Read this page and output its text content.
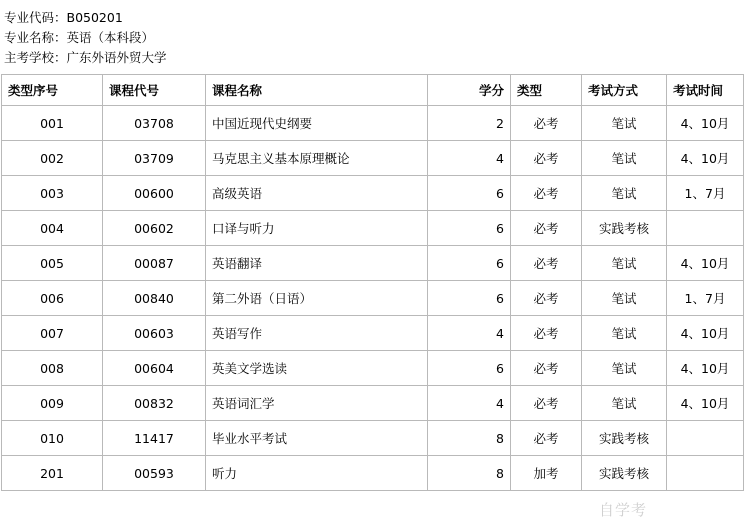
专业代码：B050201
专业名称：英语（本科段）
主考学校：广东外语外贸大学
类型序号	课程代号	课程名称	学分	类型	考试方式	考试时间
001	03708	中国近现代史纲要	2	必考	笔试	4、10月
002	03709	马克思主义基本原理概论	4	必考	笔试	4、10月
003	00600	高级英语	6	必考	笔试	1、7月
004	00602	口译与听力	6	必考	实践考核	
005	00087	英语翻译	6	必考	笔试	4、10月
006	00840	第二外语（日语）	6	必考	笔试	1、7月
007	00603	英语写作	4	必考	笔试	4、10月
008	00604	英美文学选读	6	必考	笔试	4、10月
009	00832	英语词汇学	4	必考	笔试	4、10月
010	11417	毕业水平考试	8	必考	实践考核	
201	00593	听力	8	加考	实践考核	
自学考
